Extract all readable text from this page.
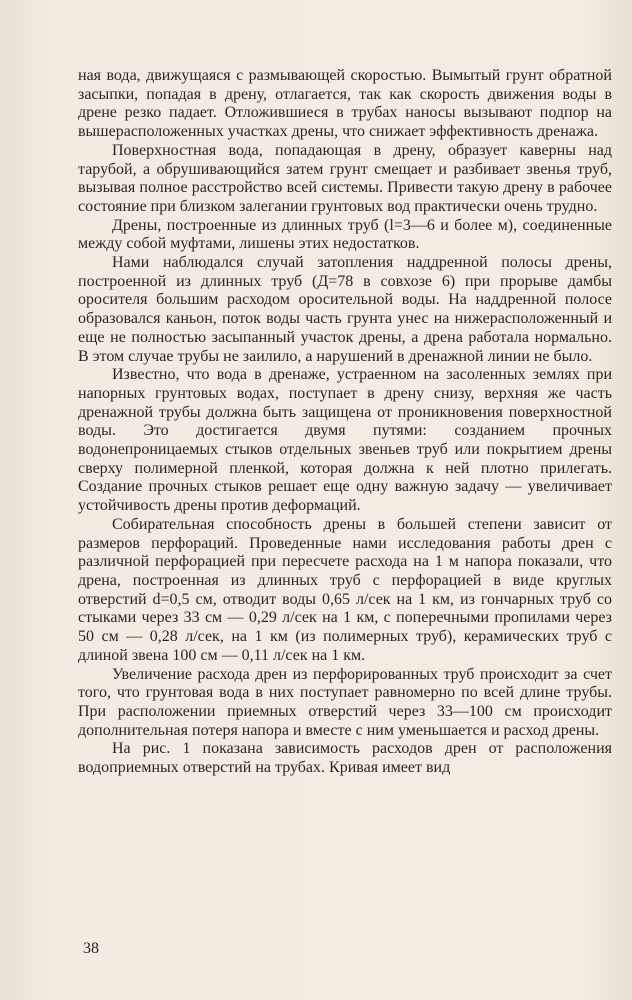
ная вода, движущаяся с размывающей скоростью. Вымытый грунт обратной засыпки, попадая в дрену, отлагается, так как скорость движения воды в дрене резко падает. Отложившиеся в трубах наносы вызывают подпор на вышерасположенных участках дрены, что снижает эффективность дренажа.

Поверхностная вода, попадающая в дрену, образует каверны над тарубой, а обрушивающийся затем грунт смещает и разбивает звенья труб, вызывая полное расстройство всей системы. Привести такую дрену в рабочее состояние при близком залегании грунтовых вод практически очень трудно.

Дрены, построенные из длинных труб (l=3—6 и более м), соединенные между собой муфтами, лишены этих недостатков.

Нами наблюдался случай затопления наддренной полосы дрены, построенной из длинных труб (Д=78 в совхозе 6) при прорыве дамбы оросителя большим расходом оросительной воды. На наддренной полосе образовался каньон, поток воды часть грунта унес на нижерасположенный и еще не полностью засыпанный участок дрены, а дрена работала нормально. В этом случае трубы не заилило, а нарушений в дренажной линии не было.

Известно, что вода в дренаже, устраенном на засоленных землях при напорных грунтовых водах, поступает в дрену снизу, верхняя же часть дренажной трубы должна быть защищена от проникновения поверхностной воды. Это достигается двумя путями: созданием прочных водонепроницаемых стыков отдельных звеньев труб или покрытием дрены сверху полимерной пленкой, которая должна к ней плотно прилегать. Создание прочных стыков решает еще одну важную задачу — увеличивает устойчивость дрены против деформаций.

Собирательная способность дрены в большей степени зависит от размеров перфораций. Проведенные нами исследования работы дрен с различной перфорацией при пересчете расхода на 1 м напора показали, что дрена, построенная из длинных труб с перфорацией в виде круглых отверстий d=0,5 см, отводит воды 0,65 л/сек на 1 км, из гончарных труб со стыками через 33 см — 0,29 л/сек на 1 км, с поперечными пропилами через 50 см — 0,28 л/сек, на 1 км (из полимерных труб), керамических труб с длиной звена 100 см — 0,11 л/сек на 1 км.

Увеличение расхода дрен из перфорированных труб происходит за счет того, что грунтовая вода в них поступает равномерно по всей длине трубы. При расположении приемных отверстий через 33—100 см происходит дополнительная потеря напора и вместе с ним уменьшается и расход дрены.

На рис. 1 показана зависимость расходов дрен от расположения водоприемных отверстий на трубах. Кривая имеет вид

38
